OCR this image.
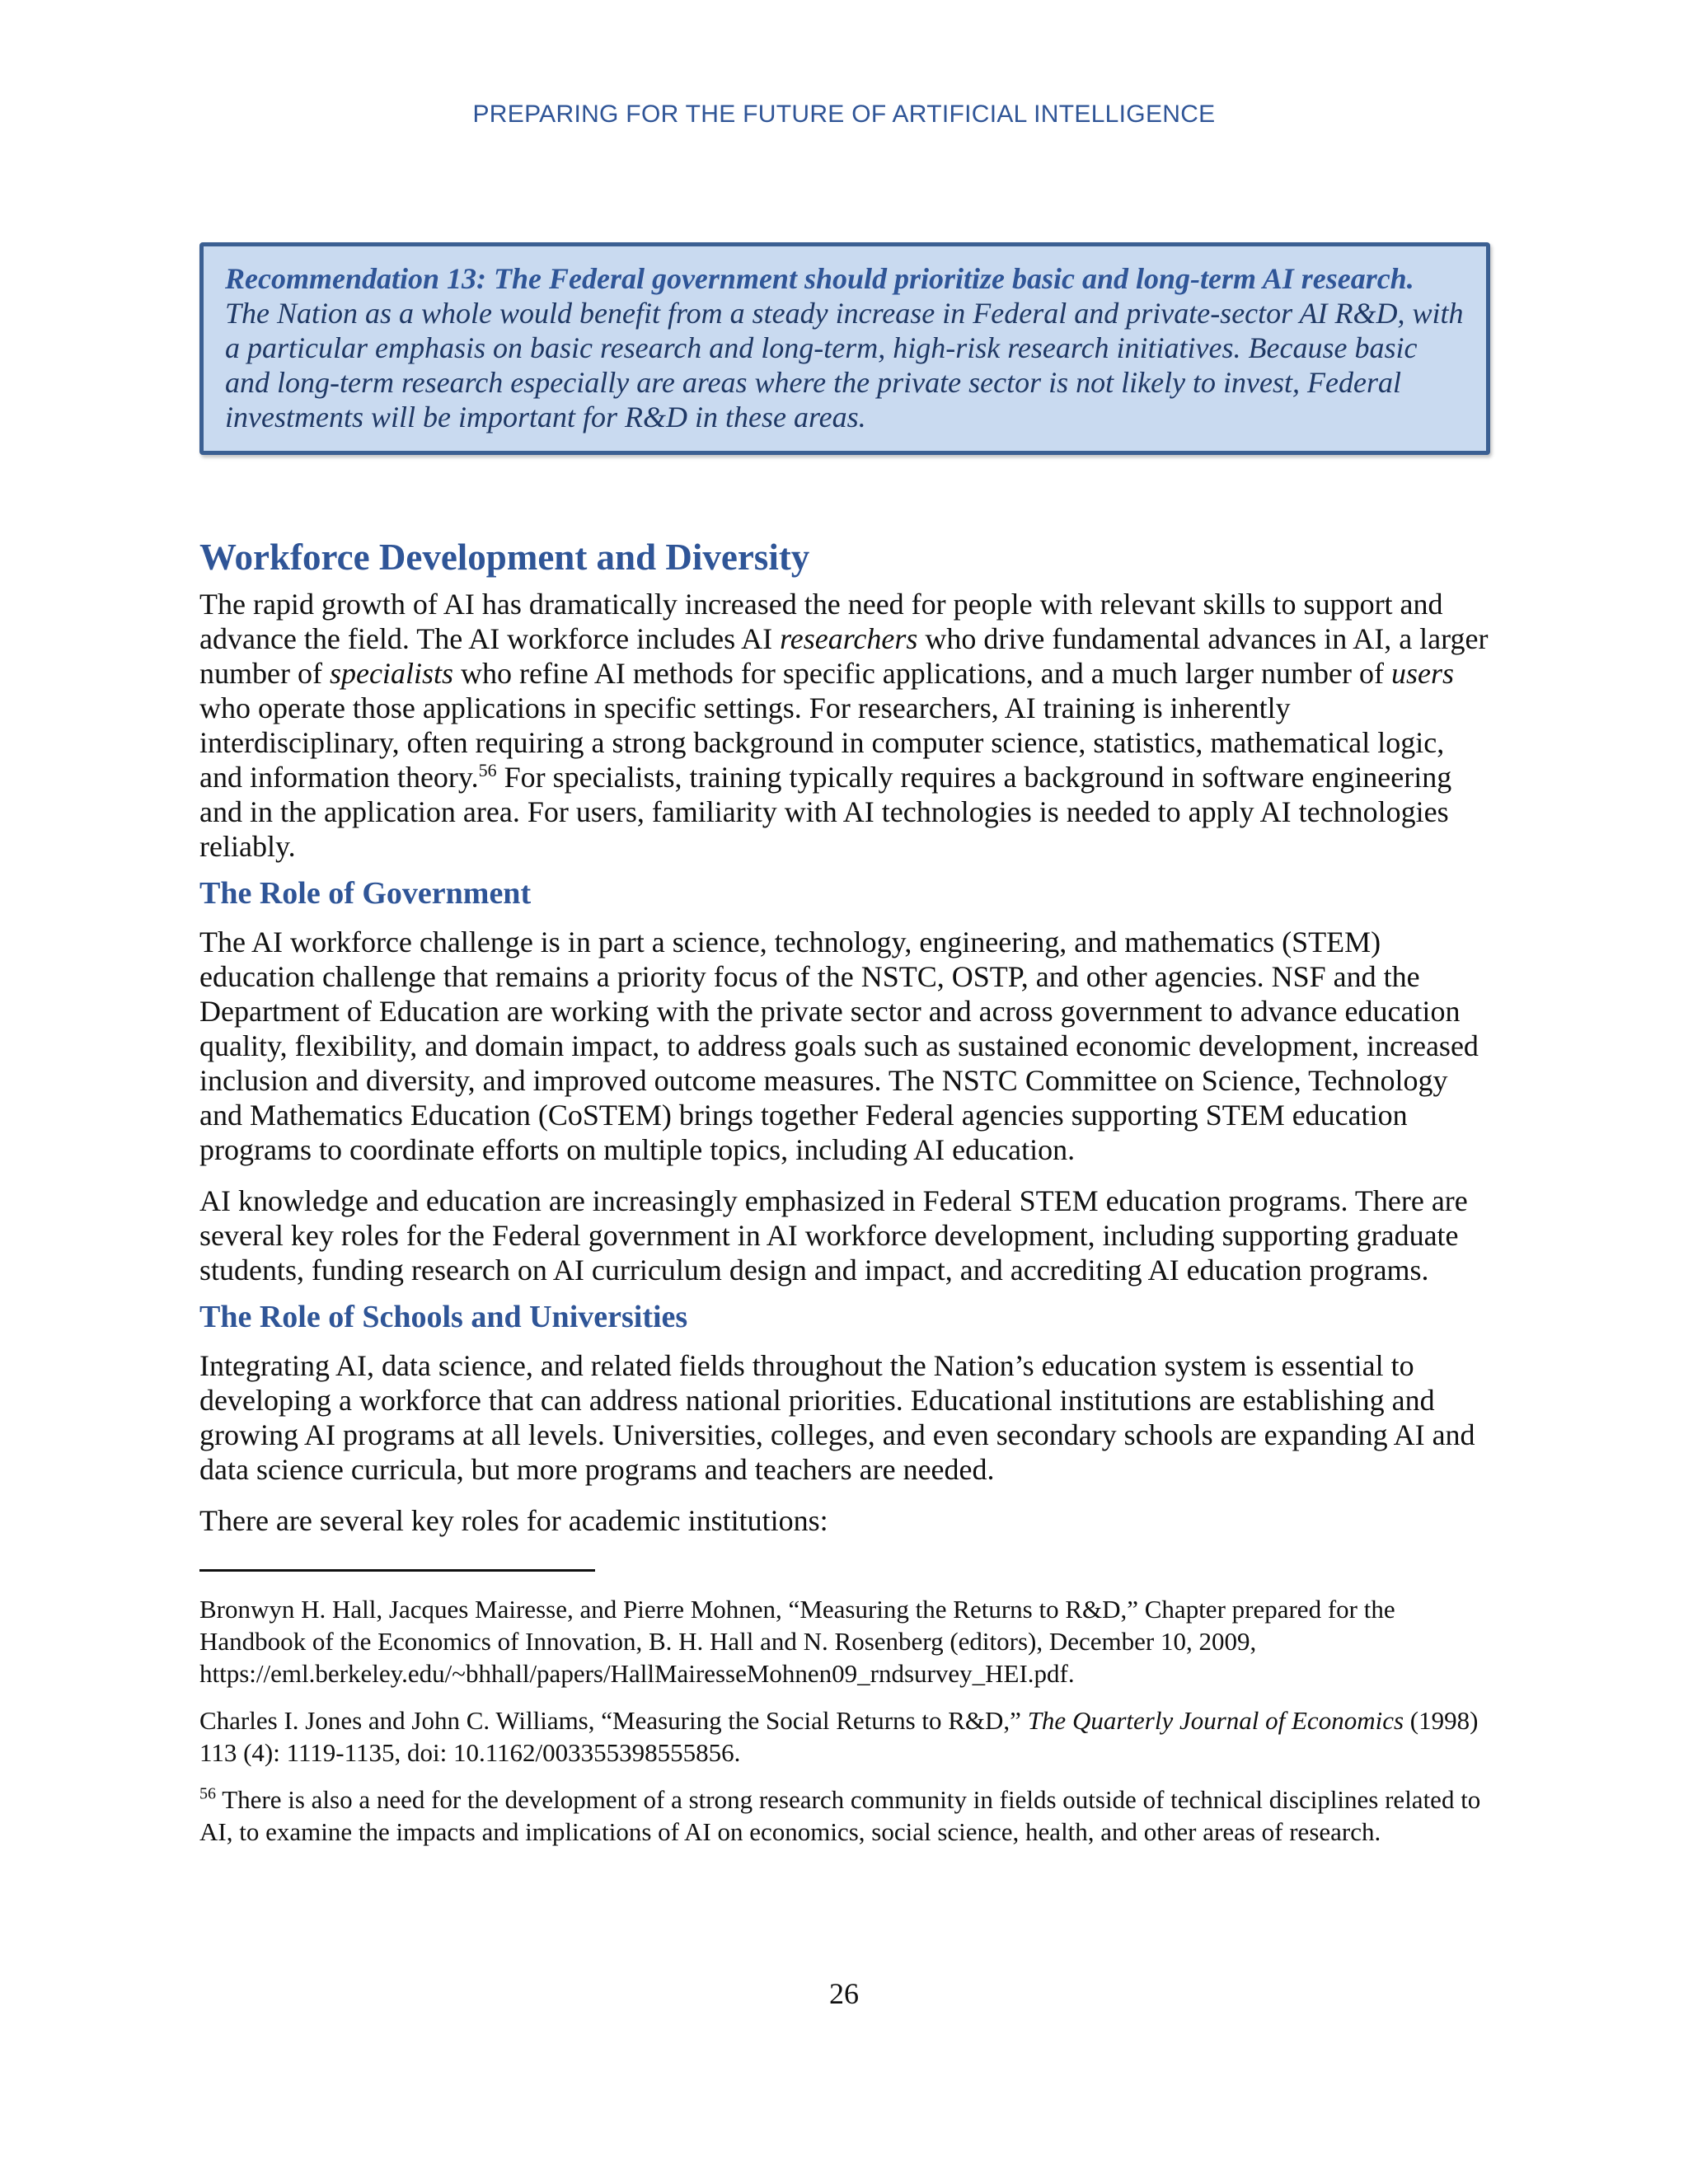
PREPARING FOR THE FUTURE OF ARTIFICIAL INTELLIGENCE
Recommendation 13: The Federal government should prioritize basic and long-term AI research. The Nation as a whole would benefit from a steady increase in Federal and private-sector AI R&D, with a particular emphasis on basic research and long-term, high-risk research initiatives. Because basic and long-term research especially are areas where the private sector is not likely to invest, Federal investments will be important for R&D in these areas.
Workforce Development and Diversity

The rapid growth of AI has dramatically increased the need for people with relevant skills to support and advance the field. The AI workforce includes AI researchers who drive fundamental advances in AI, a larger number of specialists who refine AI methods for specific applications, and a much larger number of users who operate those applications in specific settings. For researchers, AI training is inherently interdisciplinary, often requiring a strong background in computer science, statistics, mathematical logic, and information theory.$^{56}$ For specialists, training typically requires a background in software engineering and in the application area. For users, familiarity with AI technologies is needed to apply AI technologies reliably.

The Role of Government

The AI workforce challenge is in part a science, technology, engineering, and mathematics (STEM) education challenge that remains a priority focus of the NSTC, OSTP, and other agencies. NSF and the Department of Education are working with the private sector and across government to advance education quality, flexibility, and domain impact, to address goals such as sustained economic development, increased inclusion and diversity, and improved outcome measures. The NSTC Committee on Science, Technology and Mathematics Education (CoSTEM) brings together Federal agencies supporting STEM education programs to coordinate efforts on multiple topics, including AI education.

AI knowledge and education are increasingly emphasized in Federal STEM education programs. There are several key roles for the Federal government in AI workforce development, including supporting graduate students, funding research on AI curriculum design and impact, and accrediting AI education programs.

The Role of Schools and Universities

Integrating AI, data science, and related fields throughout the Nation’s education system is essential to developing a workforce that can address national priorities. Educational institutions are establishing and growing AI programs at all levels. Universities, colleges, and even secondary schools are expanding AI and data science curricula, but more programs and teachers are needed.

There are several key roles for academic institutions:

Bronwyn H. Hall, Jacques Mairesse, and Pierre Mohnen, “Measuring the Returns to R&D,” Chapter prepared for the Handbook of the Economics of Innovation, B. H. Hall and N. Rosenberg (editors), December 10, 2009, https://eml.berkeley.edu/~bhhall/papers/HallMairesseMohnen09_rndsurvey_HEI.pdf.

Charles I. Jones and John C. Williams, “Measuring the Social Returns to R&D,” The Quarterly Journal of Economics (1998) 113 (4): 1119-1135, doi: 10.1162/003355398555856.

$^{56}$ There is also a need for the development of a strong research community in fields outside of technical disciplines related to AI, to examine the impacts and implications of AI on economics, social science, health, and other areas of research.

26
